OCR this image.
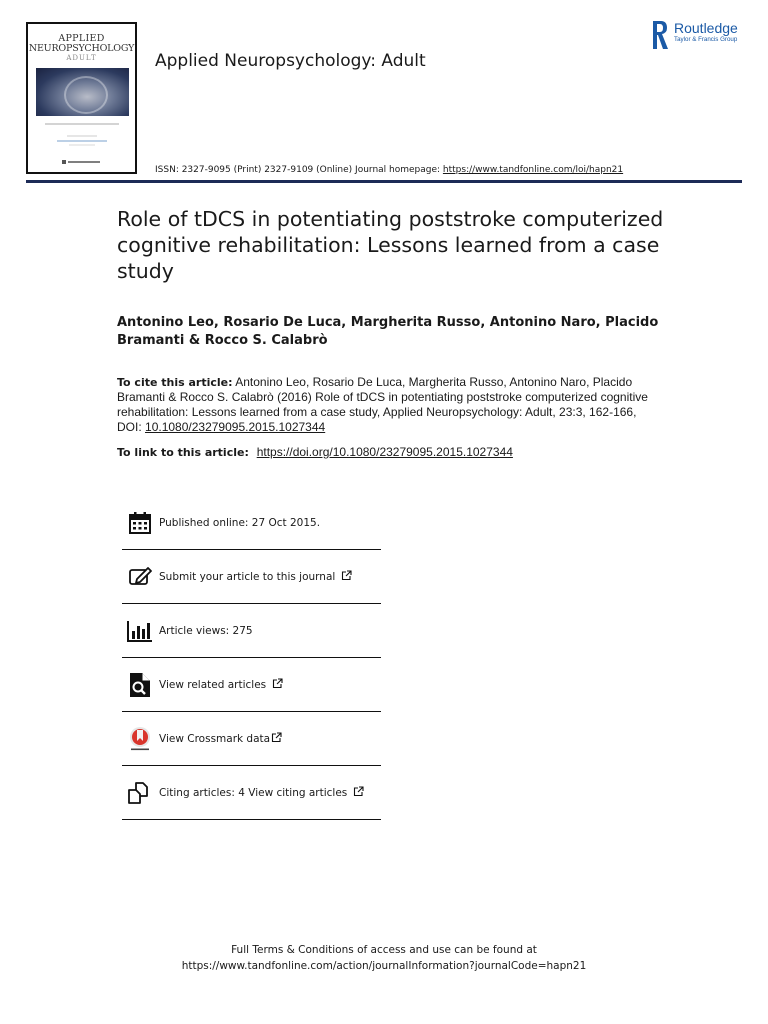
APPLIED
NEUROPSYCHOLOGY
ADULT	Applied Neuropsychology: Adult
Routledge
Taylor & Francis Group
ISSN: 2327-9095 (Print) 2327-9109 (Online) Journal homepage: https://www.tandfonline.com/loi/hapn21
Role of tDCS in potentiating poststroke computerized cognitive rehabilitation: Lessons learned from a case study
Antonino Leo, Rosario De Luca, Margherita Russo, Antonino Naro, Placido Bramanti & Rocco S. Calabrò
To cite this article: Antonino Leo, Rosario De Luca, Margherita Russo, Antonino Naro, Placido Bramanti & Rocco S. Calabrò (2016) Role of tDCS in potentiating poststroke computerized cognitive rehabilitation: Lessons learned from a case study, Applied Neuropsychology: Adult, 23:3, 162-166, DOI: 10.1080/23279095.2015.1027344
To link to this article: https://doi.org/10.1080/23279095.2015.1027344
Published online: 27 Oct 2015.
Submit your article to this journal
Article views: 275
View related articles
View Crossmark data
Citing articles: 4 View citing articles
Full Terms & Conditions of access and use can be found at
https://www.tandfonline.com/action/journalInformation?journalCode=hapn21
